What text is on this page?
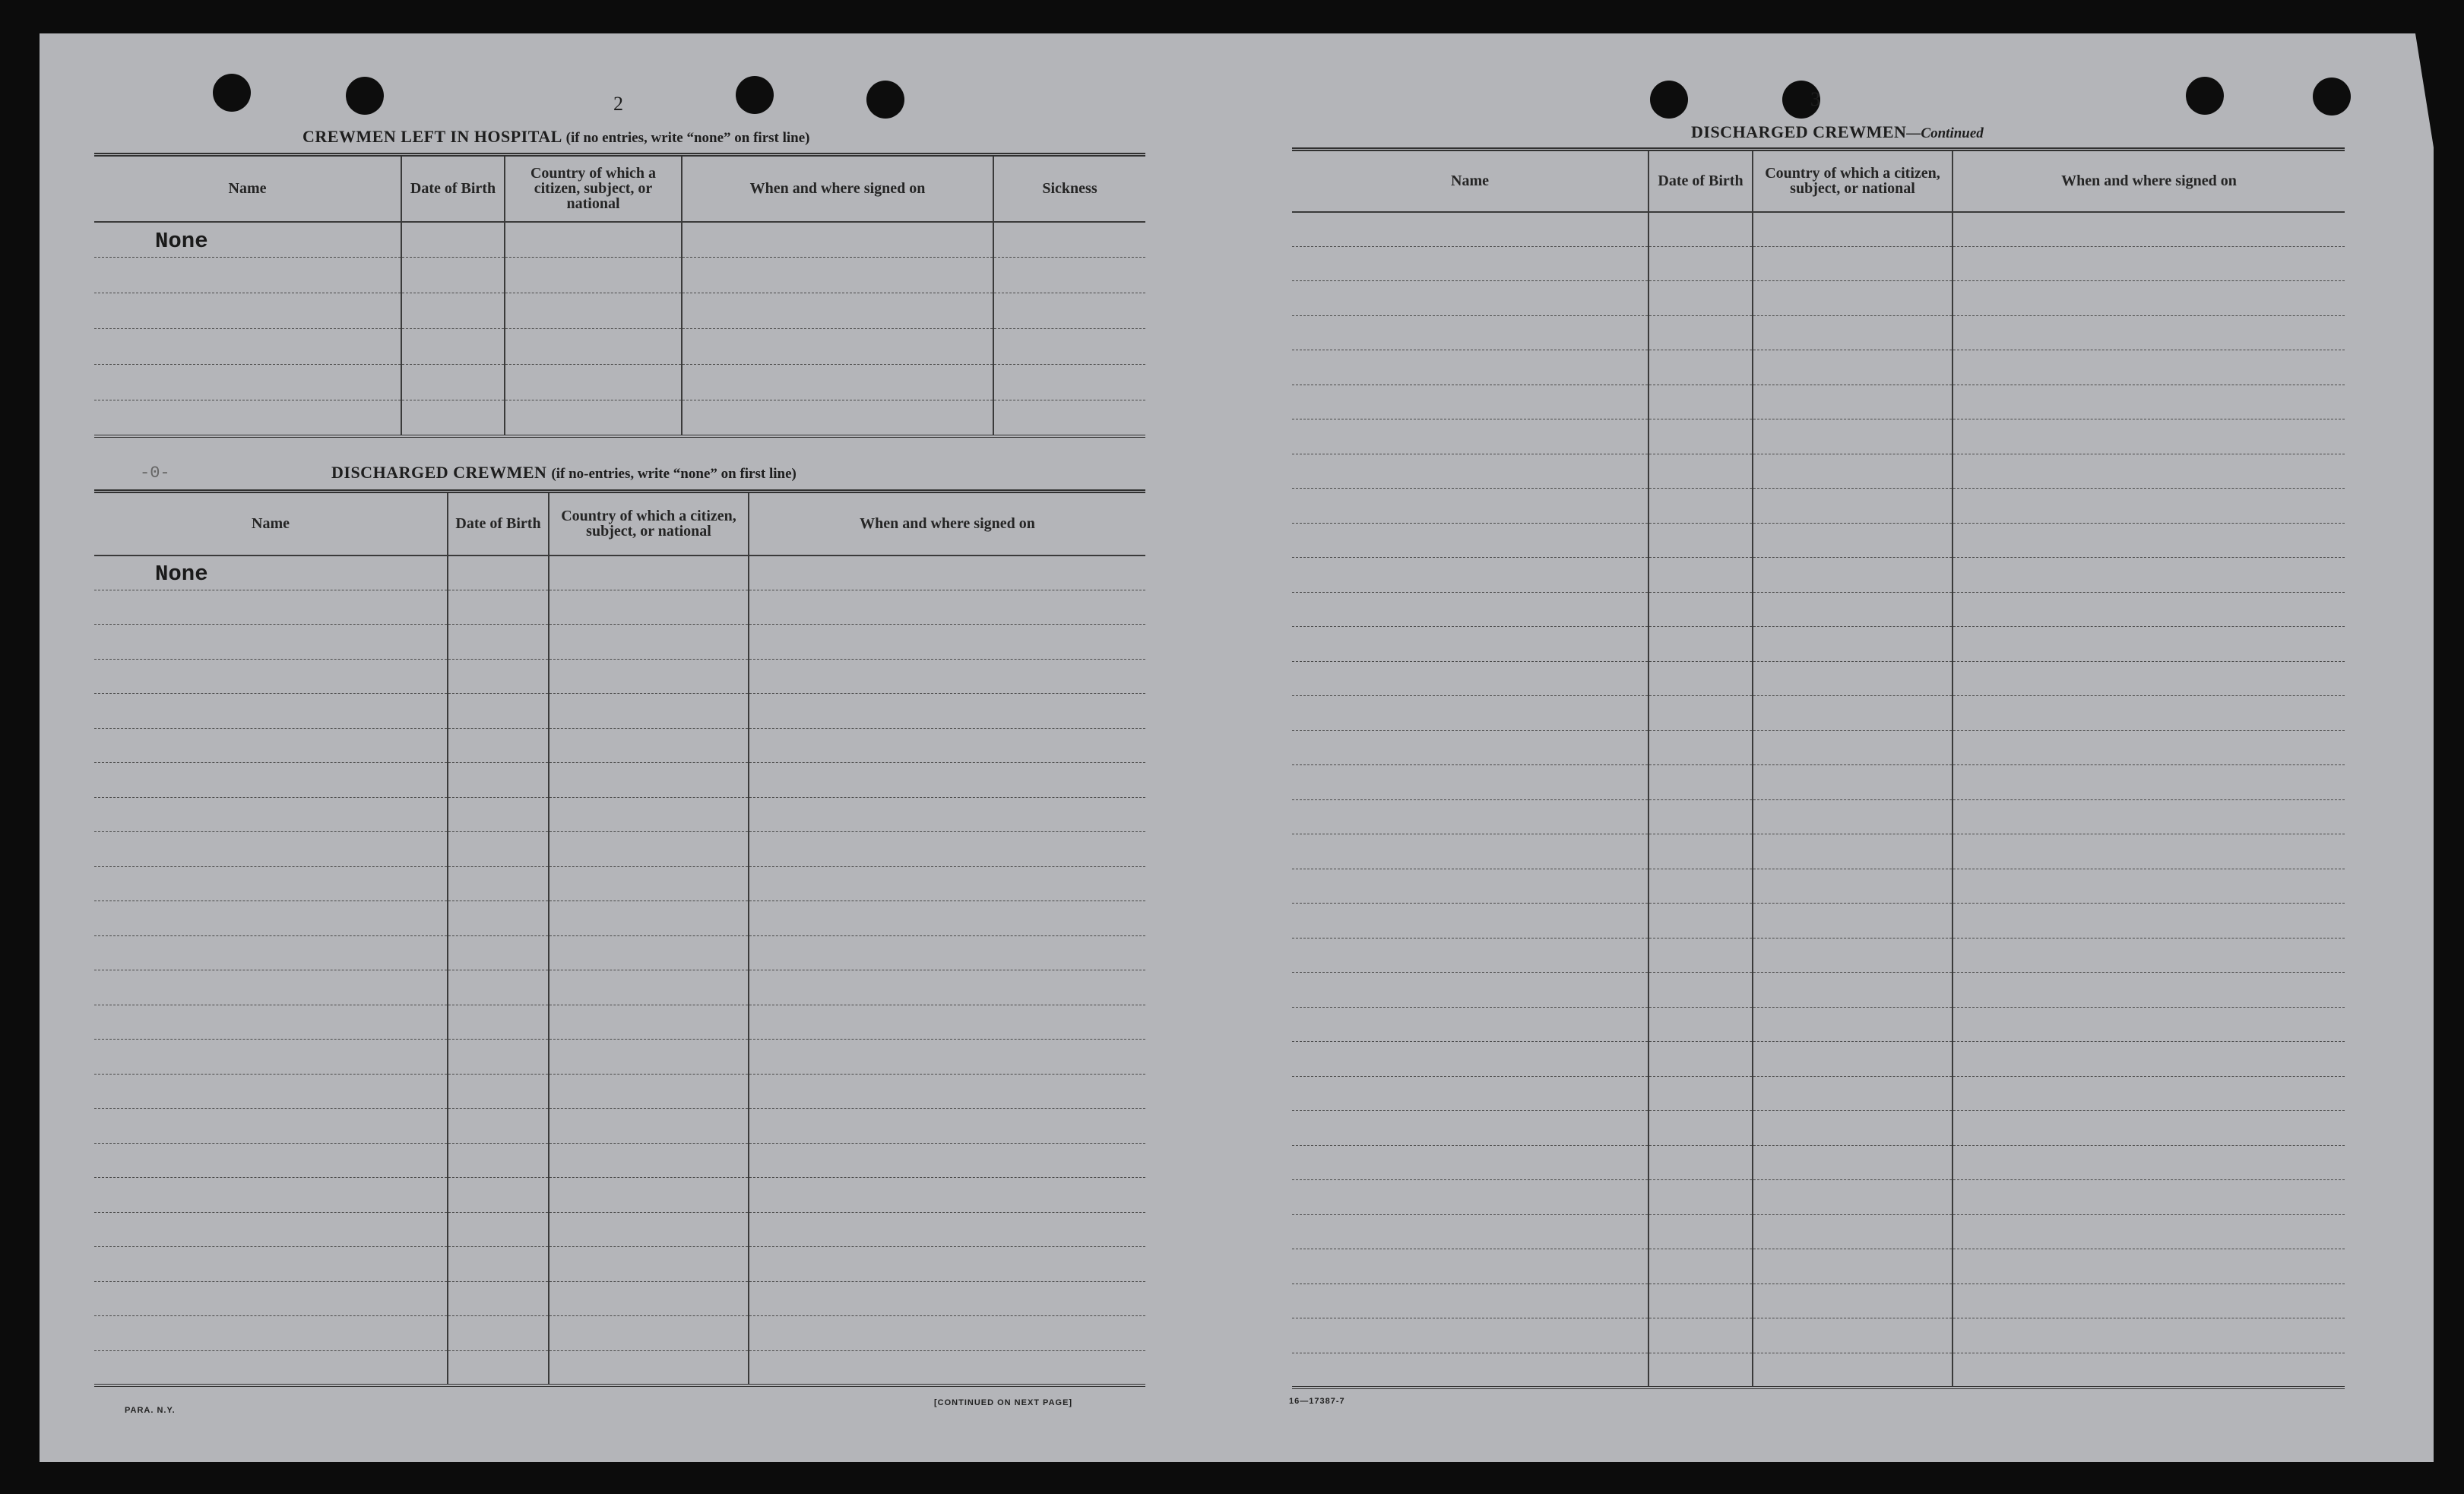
2
CREWMEN LEFT IN HOSPITAL (if no entries, write “none” on first line)
Name	Date of Birth	Country of which a citizen, subject, or national	When and where signed on	Sickness

None				

-0-	DISCHARGED CREWMEN (if no-entries, write “none” on first line)
Name	Date of Birth	Country of which a citizen, subject, or national	When and where signed on

None			

PARA. N.Y.
[CONTINUED ON NEXT PAGE]
3
DISCHARGED CREWMEN—Continued
Name	Date of Birth	Country of which a citizen, subject, or national	When and where signed on

16—17387-7
